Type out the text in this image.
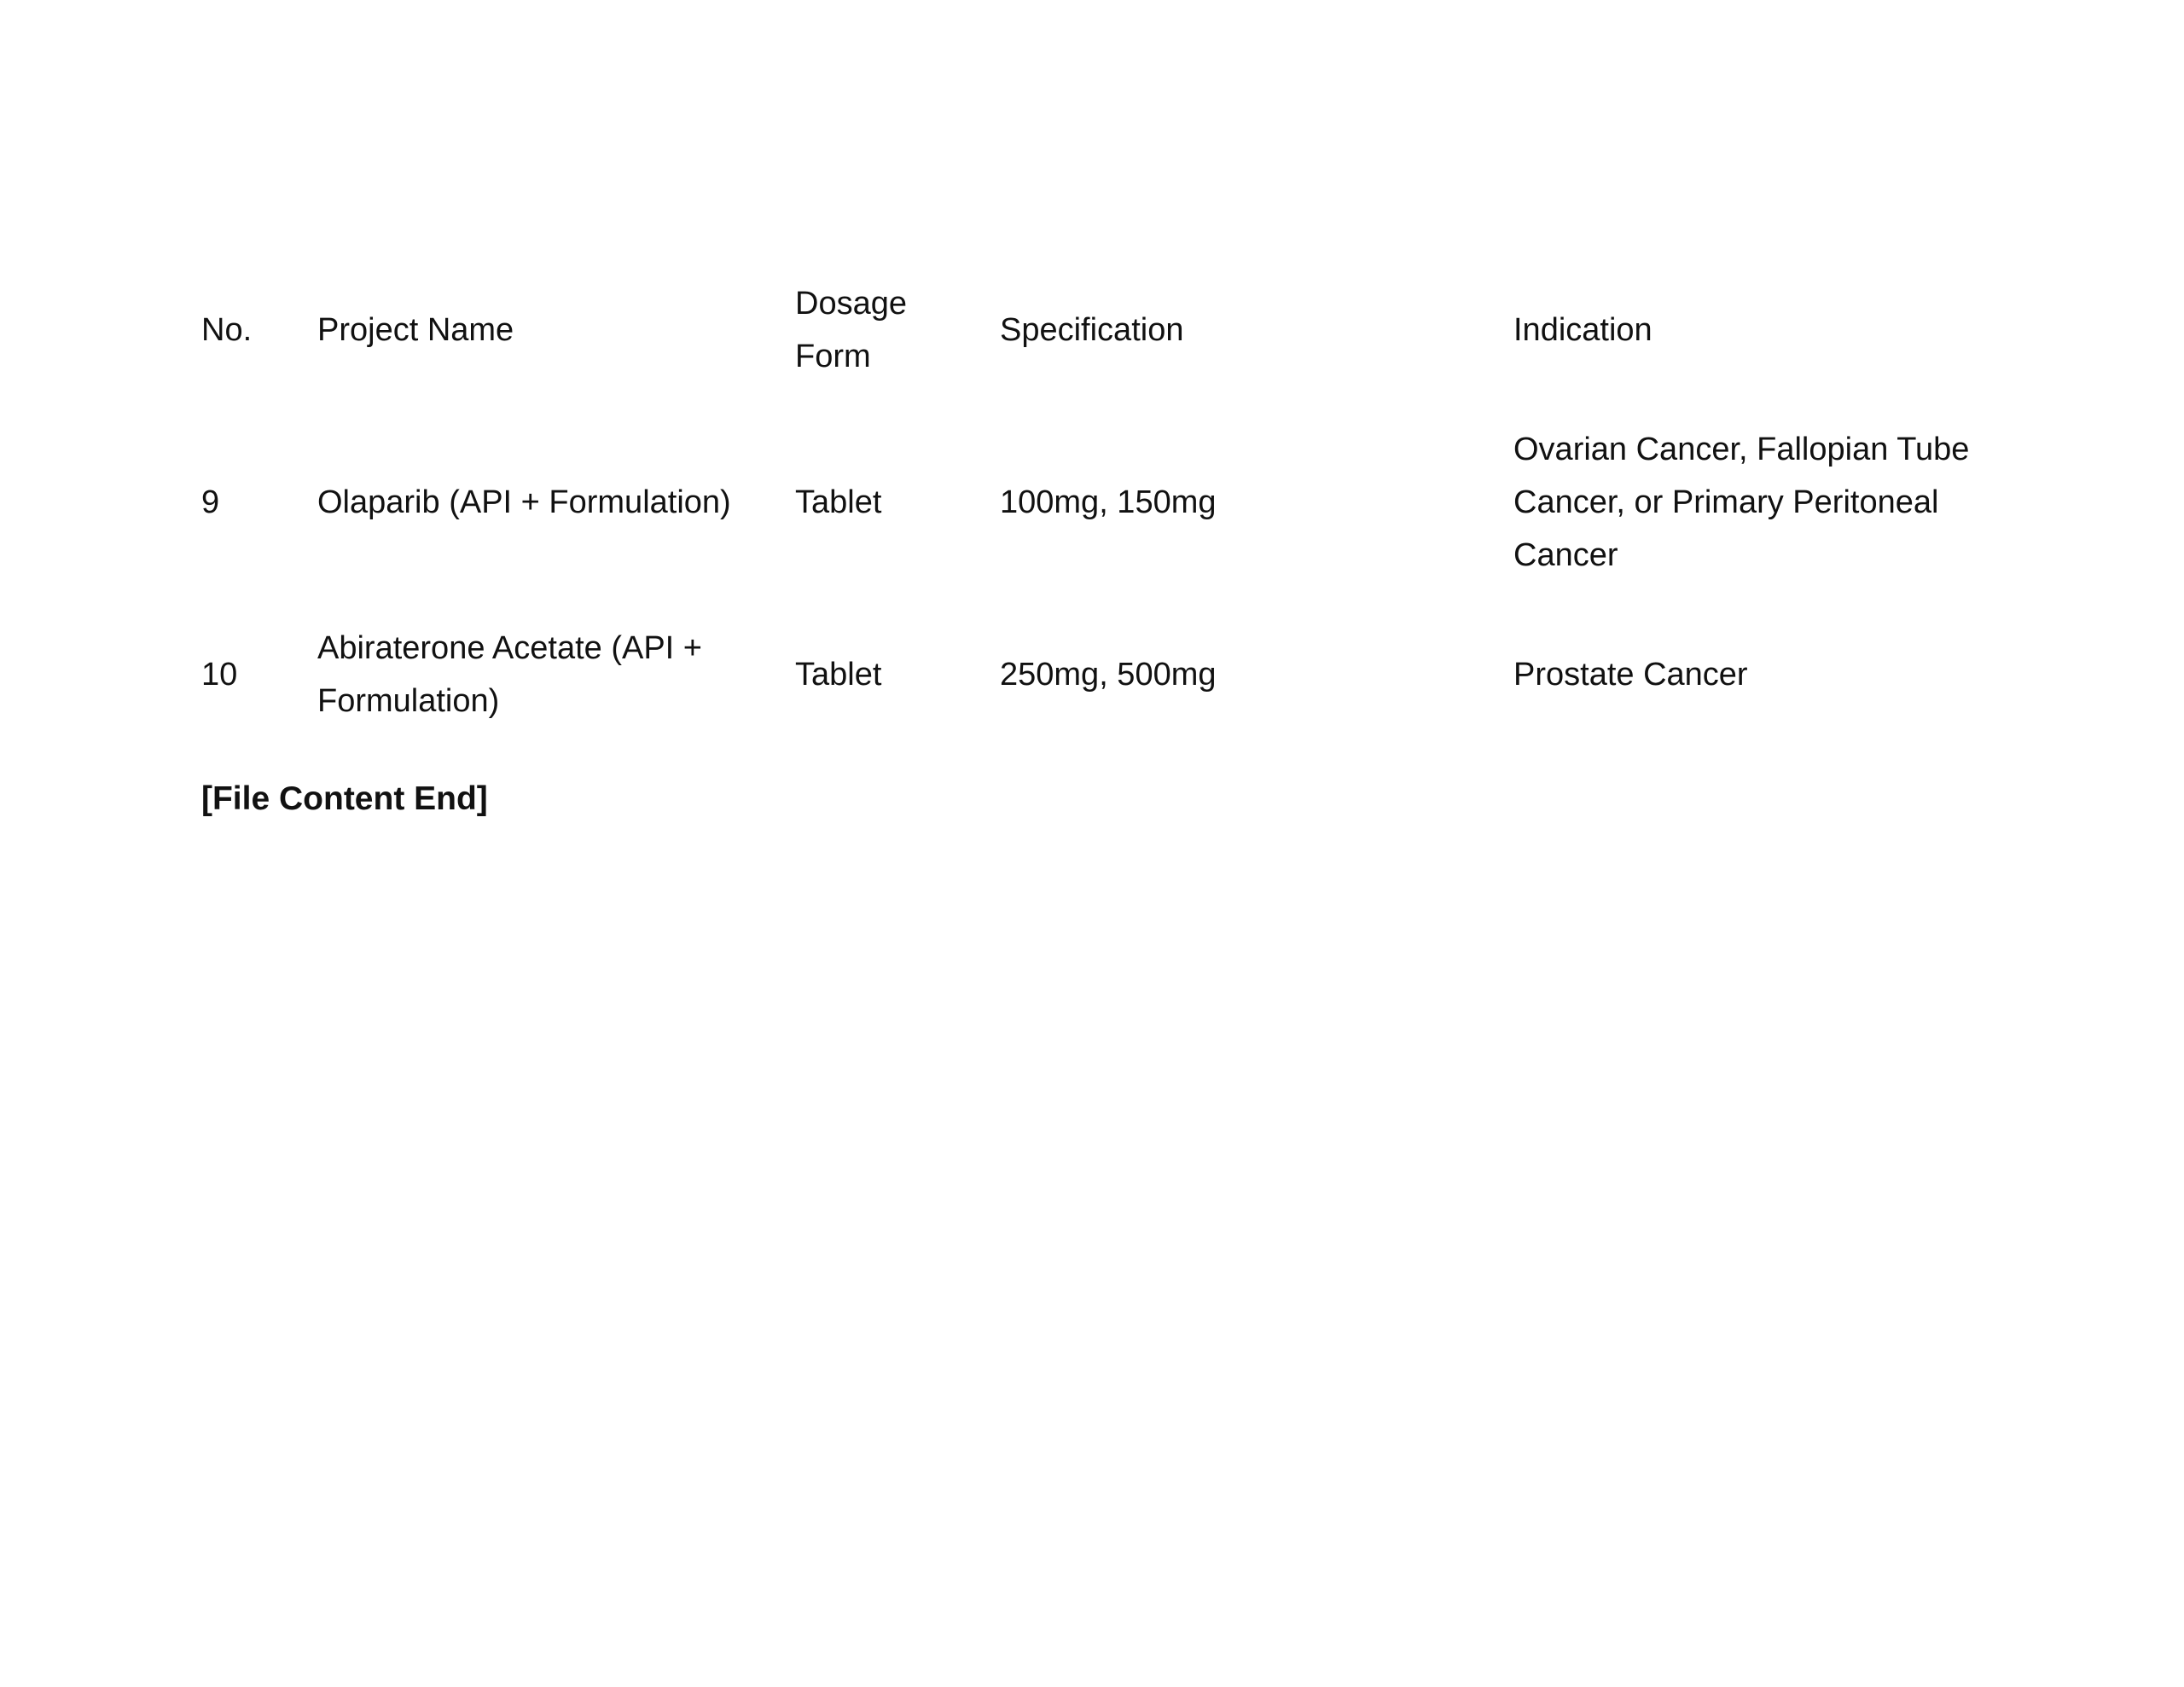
No.	Project Name	Dosage Form	Specification	Indication
9	Olaparib (API + Formulation)	Tablet	100mg, 150mg	Ovarian Cancer, Fallopian Tube Cancer, or Primary Peritoneal Cancer
10	Abiraterone Acetate (API + Formulation)	Tablet	250mg, 500mg	Prostate Cancer

[File Content End]
